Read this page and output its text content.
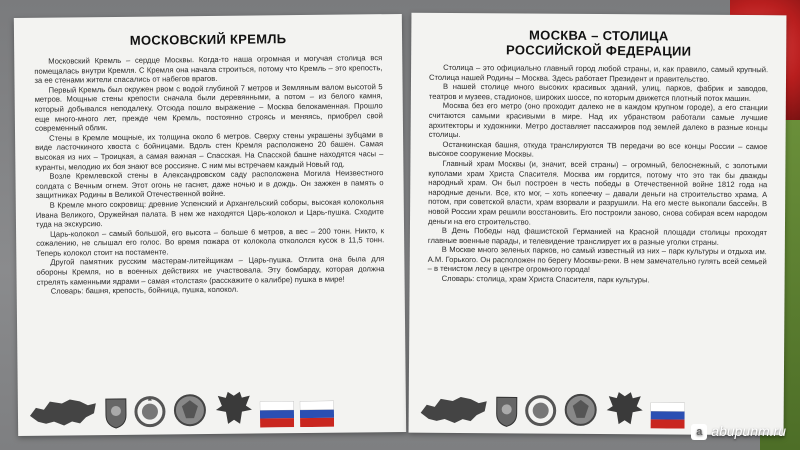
МОСКОВСКИЙ КРЕМЛЬ

Московский Кремль – сердце Москвы. Когда-то наша огромная и могучая столица вся помещалась внутри Кремля. С Кремля она начала строиться, потому что Кремль – это крепость, за ее стенами жители спасались от набегов врагов.

Первый Кремль был окружен рвом с водой глубиной 7 метров и Земляным валом высотой 5 метров. Мощные стены крепости сначала были деревянными, а потом – из белого камня, который добывался неподалеку. Отсюда пошло выражение – Москва белокаменная. Прошло еще много-много лет, прежде чем Кремль, постоянно строясь и меняясь, приобрел свой современный облик.

Стены в Кремле мощные, их толщина около 6 метров. Сверху стены украшены зубцами в виде ласточкиного хвоста с бойницами. Вдоль стен Кремля расположено 20 башен. Самая высокая из них – Троицкая, а самая важная – Спасская. На Спасской башне находятся часы – куранты, мелодию их боя знают все россияне. С ним мы встречаем каждый Новый год.

Возле Кремлевской стены в Александровском саду расположена Могила Неизвестного солдата с Вечным огнем. Этот огонь не гаснет, даже ночью и в дождь. Он зажжен в память о защитниках Родины в Великой Отечественной войне.

В Кремле много сокровищ: древние Успенский и Архангельский соборы, высокая колокольня Ивана Великого, Оружейная палата. В нем же находятся Царь-колокол и Царь-пушка. Сходите туда на экскурсию.

Царь-колокол – самый большой, его высота – больше 6 метров, а вес – 200 тонн. Никто, к сожалению, не слышал его голос. Во время пожара от колокола откололся кусок в 11,5 тонн. Теперь колокол стоит на постаменте.

Другой памятник русским мастерам-литейщикам – Царь-пушка. Отлита она была для обороны Кремля, но в военных действиях не участвовала. Эту бомбарду, которая должна стрелять каменными ядрами – самая «толстая» (расскажите о калибре) пушка в мире!

Словарь: башня, крепость, бойница, пушка, колокол.

МОСКВА – СТОЛИЦА
РОССИЙСКОЙ ФЕДЕРАЦИИ

Столица – это официально главный город любой страны, и, как правило, самый крупный. Столица нашей Родины – Москва. Здесь работает Президент и правительство.

В нашей столице много высоких красивых зданий, улиц, парков, фабрик и заводов, театров и музеев, стадионов, широких шоссе, по которым движется плотный поток машин.

Москва без его метро (оно проходит далеко не в каждом крупном городе), а его станции считаются самыми красивыми в мире. Над их убранством работали самые лучшие архитекторы и художники. Метро доставляет пассажиров под землей далеко в разные концы столицы.

Останкинская башня, откуда транслируются ТВ передачи во все концы России – самое высокое сооружение Москвы.

Главный храм Москвы (и, значит, всей страны) – огромный, белоснежный, с золотыми куполами храм Христа Спасителя. Москва им гордится, потому что это так бы дважды народный храм. Он был построен в честь победы в Отечественной войне 1812 года на народные деньги. Все, кто мог, – хоть копеечку – давали деньги на строительство храма. А потом, при советской власти, храм взорвали и разрушили. На его месте выкопали бассейн. В новой России храм решили восстановить. Его построили заново, снова собирая всем народом деньги на его строительство.

В День Победы над фашистской Германией на Красной площади столицы проходят главные военные парады, и телевидение транслирует их в разные уголки страны.

В Москве много зеленых парков, но самый известный из них – парк культуры и отдыха им. А.М. Горького. Он расположен по берегу Москвы-реки. В нем замечательно гулять всей семьей – в тенистом лесу в центре огромного города!

Словарь: столица, храм Христа Спасителя, парк культуры.

a abuрunm.ru
